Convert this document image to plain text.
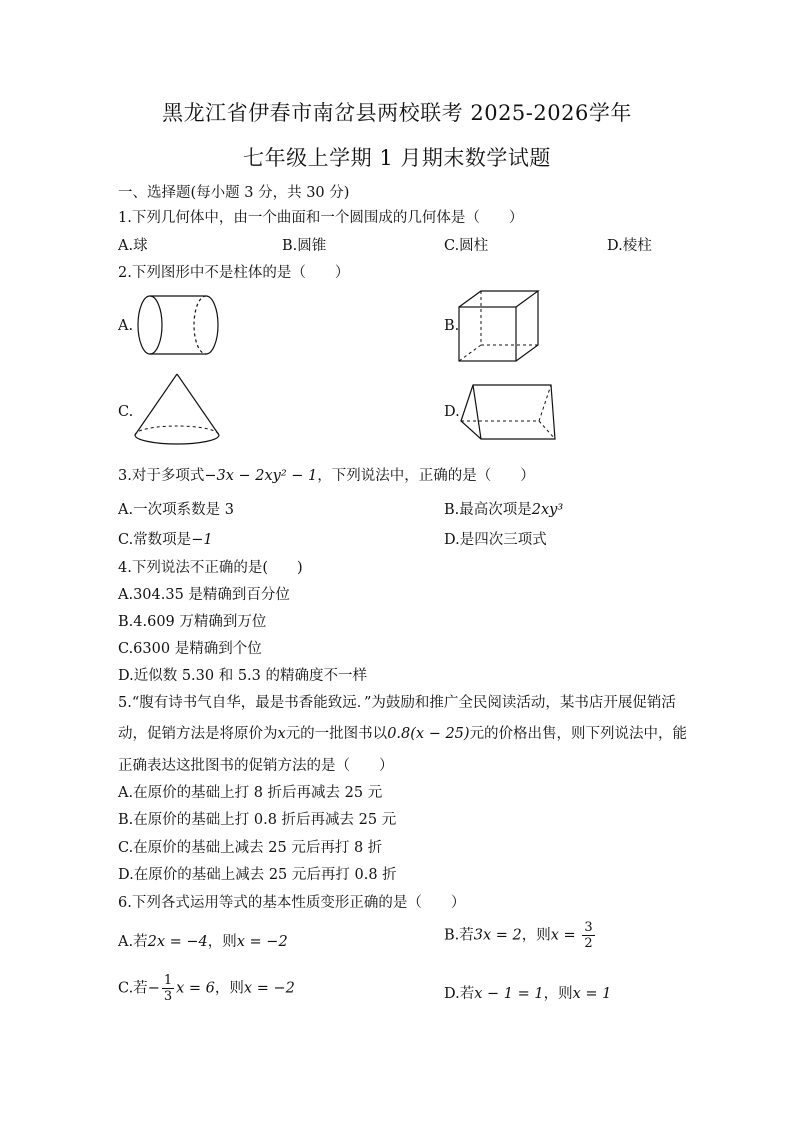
黑龙江省伊春市南岔县两校联考 2025-2026学年
七年级上学期 1 月期末数学试题
一、选择题(每小题 3 分，共 30 分)
1.下列几何体中，由一个曲面和一个圆围成的几何体是（　　）
A.球	B.圆锥	C.圆柱	D.棱柱
2.下列图形中不是柱体的是（　　）
A.	B.
C.	D.
3.对于多项式−3x − 2xy² − 1，下列说法中，正确的是（　　）
A.一次项系数是 3	B.最高次项是2xy³
C.常数项是−1	D.是四次三项式
4.下列说法不正确的是(　　)
A.304.35 是精确到百分位
B.4.609 万精确到万位
C.6300 是精确到个位
D.近似数 5.30 和 5.3 的精确度不一样
5.“腹有诗书气自华，最是书香能致远．”为鼓励和推广全民阅读活动，某书店开展促销活
动，促销方法是将原价为x元的一批图书以0.8(x − 25)元的价格出售，则下列说法中，能
正确表达这批图书的促销方法的是（　　）
A.在原价的基础上打 8 折后再减去 25 元
B.在原价的基础上打 0.8 折后再减去 25 元
C.在原价的基础上减去 25 元后再打 8 折
D.在原价的基础上减去 25 元后再打 0.8 折
6.下列各式运用等式的基本性质变形正确的是（　　）
A.若2x = −4，则x = −2	B.若3x = 2，则$x = \frac{3}{2}$
C.若− $\frac{1}{3}$ x = 6，则x = −2	D.若x − 1 = 1，则x = 1
